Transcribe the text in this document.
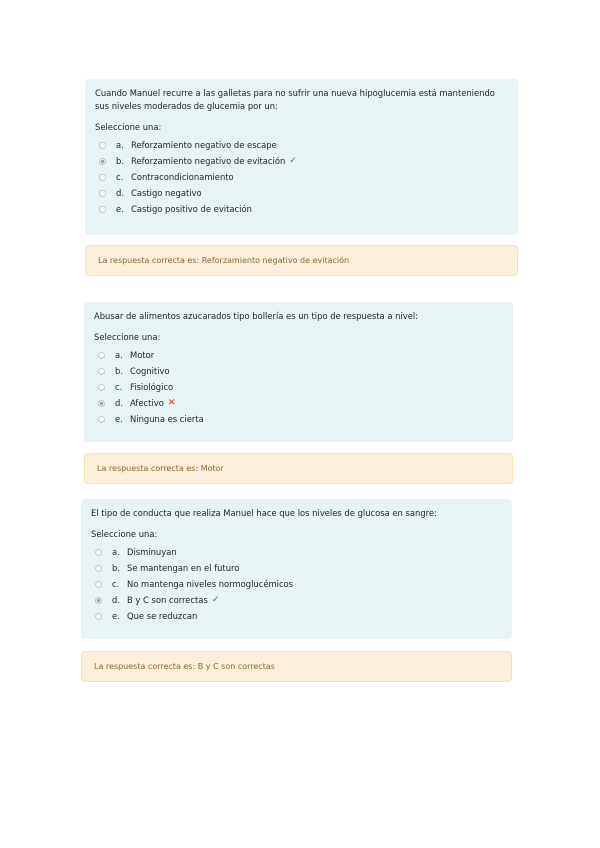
Cuando Manuel recurre a las galletas para no sufrir una nueva hipoglucemia está manteniendo sus niveles moderados de glucemia por un:

Seleccione una:

a. Reforzamiento negativo de escape
b. Reforzamiento negativo de evitación ✓
c. Contracondicionamiento
d. Castigo negativo
e. Castigo positivo de evitación
La respuesta correcta es: Reforzamiento negativo de evitación

Abusar de alimentos azucarados tipo bollería es un tipo de respuesta a nivel:

Seleccione una:

a. Motor
b. Cognitivo
c. Fisiológico
d. Afectivo ✕
e. Ninguna es cierta
La respuesta correcta es: Motor

El tipo de conducta que realiza Manuel hace que los niveles de glucosa en sangre:

Seleccione una:

a. Disminuyan
b. Se mantengan en el futuro
c. No mantenga niveles normoglucémicos
d. B y C son correctas ✓
e. Que se reduzcan
La respuesta correcta es: B y C son correctas
